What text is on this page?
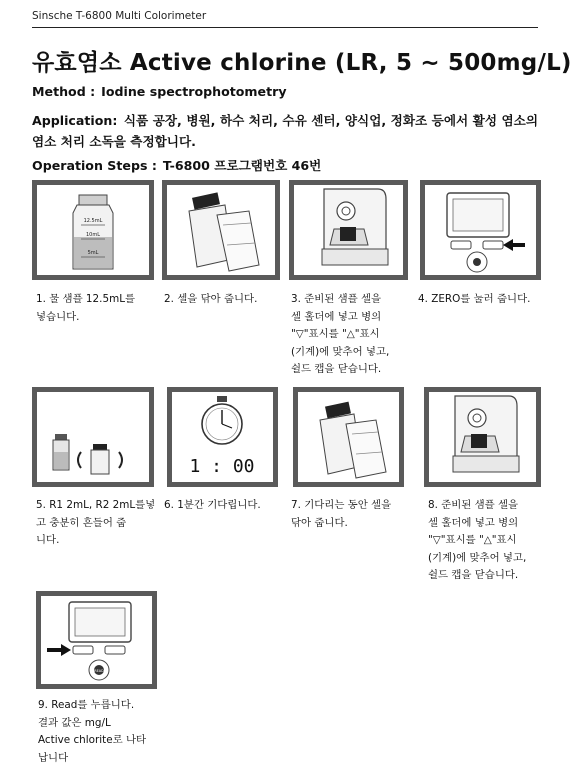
Sinsche T-6800 Multi Colorimeter
유효염소 Active chlorine (LR, 5 ~ 500mg/L)
Method : Iodine spectrophotometry
Application: 식품 공장, 병원, 하수 처리, 수유 센터, 양식업, 정화조 등에서 활성 염소의 염소 처리 소독을 측정합니다.
Operation Steps : T-6800 프로그램번호 46번
12.5mL
10mL
5mL
1. 물 샘플 12.5mL를
넣습니다.
2. 셀을 닦아 줍니다.	3. 준비된 샘플 셀을
셀 홀더에 넣고 병의
"▽"표시를 "△"표시
(기계)에 맞추어 넣고,
쉴드 캡을 닫습니다.
4. ZERO를 눌러 줍니다.
5. R1 2mL, R2 2mL를넣
고 충분히 흔들어 줍
니다.
1 : 00
6. 1분간 기다립니다.	7. 기다리는 동안 셀을
닦아 줍니다.
8. 준비된 샘플 셀을
셀 홀더에 넣고 병의
"▽"표시를 "△"표시
(기계)에 맞추어 넣고,
쉴드 캡을 닫습니다.
READ
9. Read를 누릅니다.
결과 값은 mg/L
Active chlorite로 나타
납니다
